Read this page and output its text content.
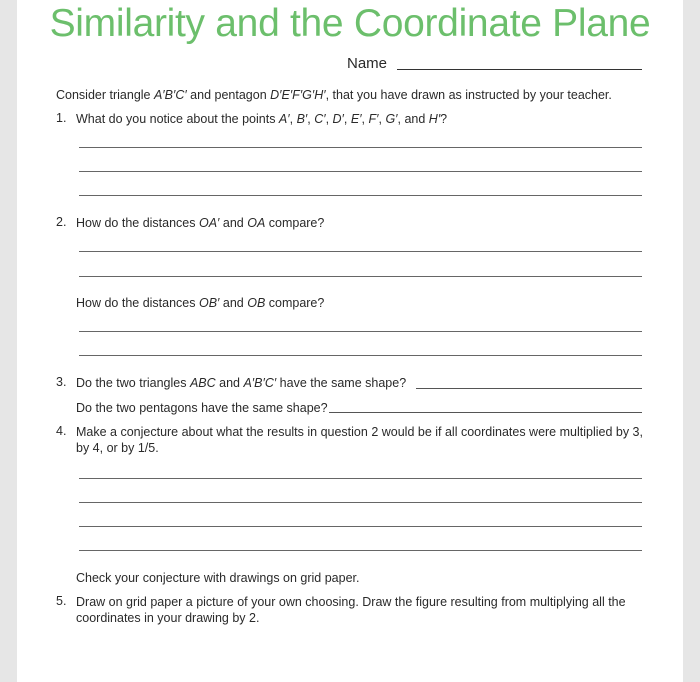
Similarity and the Coordinate Plane
Name
Consider triangle A′B′C′ and pentagon D′E′F′G′H′, that you have drawn as instructed by your teacher.
1. What do you notice about the points A′, B′, C′, D′, E′, F′, G′, and H′?
2. How do the distances OA′ and OA compare?
How do the distances OB′ and OB compare?
3. Do the two triangles ABC and A′B′C′ have the same shape?
Do the two pentagons have the same shape?
4. Make a conjecture about what the results in question 2 would be if all coordinates were multiplied by 3, by 4, or by 1/5.
Check your conjecture with drawings on grid paper.
5. Draw on grid paper a picture of your own choosing. Draw the figure resulting from multiplying all the coordinates in your drawing by 2.
